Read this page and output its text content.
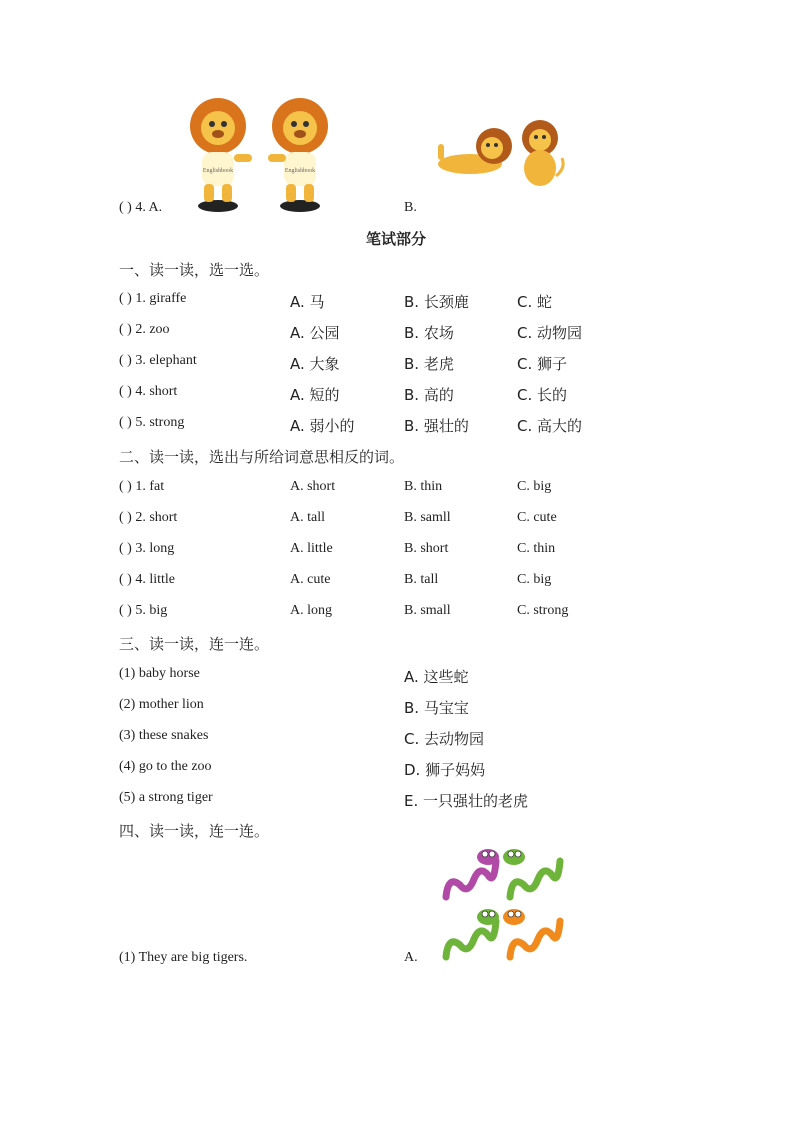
Englishbook	Englishbook
( ) 4. A.	B.
笔试部分
一、读一读，选一选。
( ) 1. giraffe	A. 马	B. 长颈鹿	C. 蛇
( ) 2. zoo	A. 公园	B. 农场	C. 动物园
( ) 3. elephant	A. 大象	B. 老虎	C. 狮子
( ) 4. short	A. 短的	B. 高的	C. 长的
( ) 5. strong	A. 弱小的	B. 强壮的	C. 高大的
二、读一读，选出与所给词意思相反的词。
( ) 1. fat	A. short	B. thin	C. big
( ) 2. short	A. tall	B. samll	C. cute
( ) 3. long	A. little	B. short	C. thin
( ) 4. little	A. cute	B. tall	C. big
( ) 5. big	A. long	B. small	C. strong
三、读一读，连一连。
(1) baby horse	A. 这些蛇
(2) mother lion	B. 马宝宝
(3) these snakes	C. 去动物园
(4) go to the zoo	D. 狮子妈妈
(5) a strong tiger	E. 一只强壮的老虎
四、读一读，连一连。
(1) They are big tigers.	A.
